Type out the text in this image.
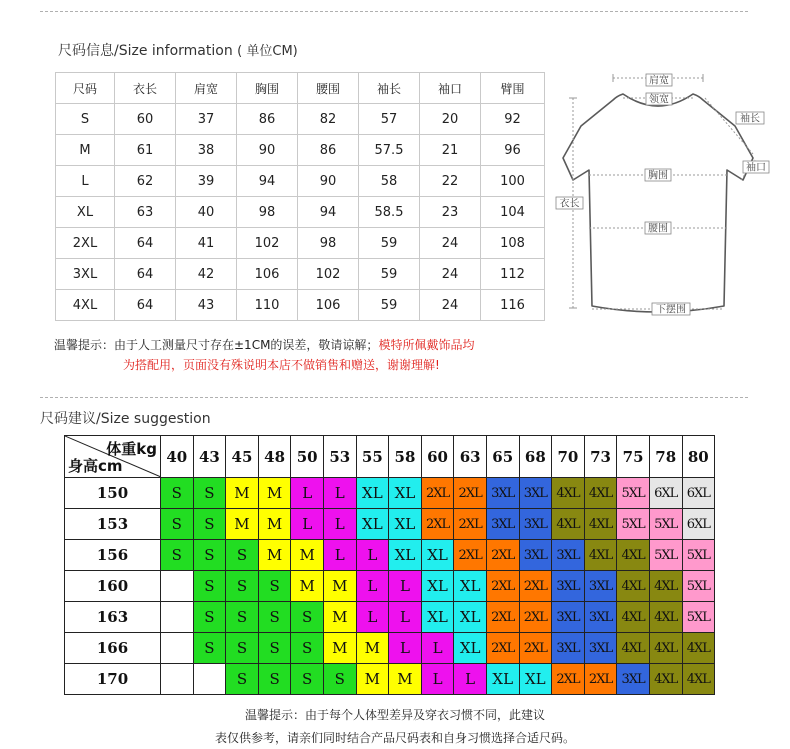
尺码信息/Size information ( 单位CM)
尺码	衣长	肩宽	胸围	腰围	袖长	袖口	臂围
S	60	37	86	82	57	20	92
M	61	38	90	86	57.5	21	96
L	62	39	94	90	58	22	100
XL	63	40	98	94	58.5	23	104
2XL	64	41	102	98	59	24	108
3XL	64	42	106	102	59	24	112
4XL	64	43	110	106	59	24	116
肩宽
领宽
袖长
袖口
胸围
衣长
腰围
下摆围
温馨提示：由于人工测量尺寸存在±1CM的误差，敬请谅解；模特所佩戴饰品均
为搭配用，页面没有殊说明本店不做销售和赠送，谢谢理解!
尺码建议/Size suggestion
体重kg
身高cm	40	43	45	48	50	53	55	58	60	63	65	68	70	73	75	78	80
150	S	S	M	M	L	L	XL	XL	2XL	2XL	3XL	3XL	4XL	4XL	5XL	6XL	6XL
153	S	S	M	M	L	L	XL	XL	2XL	2XL	3XL	3XL	4XL	4XL	5XL	5XL	6XL
156	S	S	S	M	M	L	L	XL	XL	2XL	2XL	3XL	3XL	4XL	4XL	5XL	5XL
160		S	S	S	M	M	L	L	XL	XL	2XL	2XL	3XL	3XL	4XL	4XL	5XL
163		S	S	S	S	M	L	L	XL	XL	2XL	2XL	3XL	3XL	4XL	4XL	5XL
166		S	S	S	S	M	M	L	L	XL	2XL	2XL	3XL	3XL	4XL	4XL	4XL
170			S	S	S	S	M	M	L	L	XL	XL	2XL	2XL	3XL	4XL	4XL
温馨提示：由于每个人体型差异及穿衣习惯不同，此建议
表仅供参考，请亲们同时结合产品尺码表和自身习惯选择合适尺码。
